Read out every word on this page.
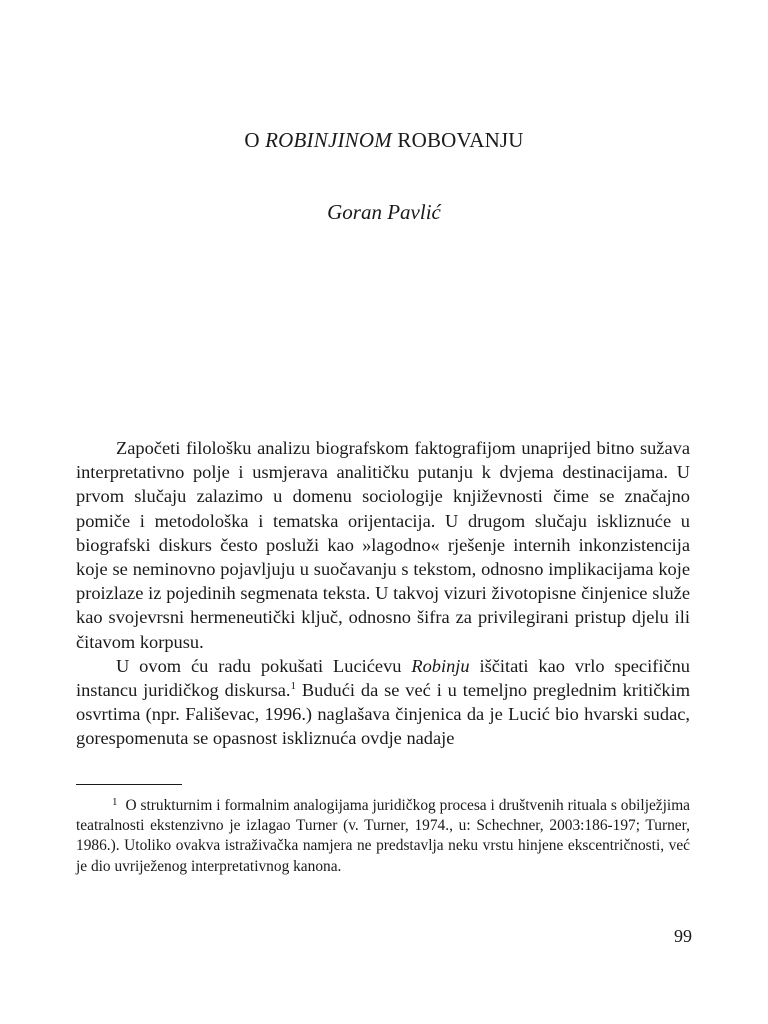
O ROBINJINOM ROBOVANJU
Goran Pavlić

Započeti filološku analizu biografskom faktografijom unaprijed bitno sužava interpretativno polje i usmjerava analitičku putanju k dvjema destinacijama. U prvom slučaju zalazimo u domenu sociologije književnosti čime se značajno pomiče i metodološka i tematska orijentacija. U drugom slučaju iskliznuće u biografski diskurs često posluži kao »lagodno« rješenje internih inkonzistencija koje se neminovno pojavljuju u suočavanju s tekstom, odnosno implikacijama koje proizlaze iz pojedinih segmenata teksta. U takvoj vizuri životopisne činjenice služe kao svojevrsni hermeneutički ključ, odnosno šifra za privilegirani pristup djelu ili čitavom korpusu.

U ovom ću radu pokušati Lucićevu Robinju iščitati kao vrlo specifičnu instancu juridičkog diskursa.$^1$ Budući da se već i u temeljno preglednim kritičkim osvrtima (npr. Fališevac, 1996.) naglašava činjenica da je Lucić bio hvarski sudac, gorespomenuta se opasnost iskliznuća ovdje nadaje

$^1$ O strukturnim i formalnim analogijama juridičkog procesa i društvenih rituala s obilježjima teatralnosti ekstenzivno je izlagao Turner (v. Turner, 1974., u: Schechner, 2003:186-197; Turner, 1986.). Utoliko ovakva istraživačka namjera ne predstavlja neku vrstu hinjene ekscentričnosti, već je dio uvriježenog interpretativnog kanona.

99
